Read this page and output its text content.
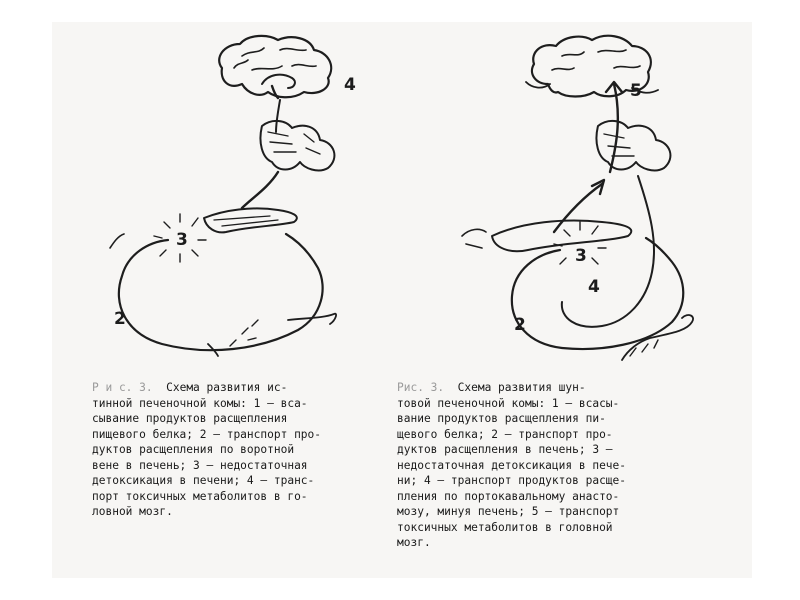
4
3
2
5
3
4
2
Р и с. 3. Схема развития ис-
тинной печеночной комы: 1 — вса-
сывание продуктов расщепления
пищевого белка; 2 — транспорт про-
дуктов расщепления по воротной
вене в печень; 3 — недостаточная
детоксикация в печени; 4 — транс-
порт токсичных метаболитов в го-
ловной мозг.
Рис. 3. Схема развития шун-
товой печеночной комы: 1 — всасы-
вание продуктов расщепления пи-
щевого белка; 2 — транспорт про-
дуктов расщепления в печень; 3 —
недостаточная детоксикация в пече-
ни; 4 — транспорт продуктов расще-
пления по портокавальному анасто-
мозу, минуя печень; 5 — транспорт
токсичных метаболитов в головной
мозг.
